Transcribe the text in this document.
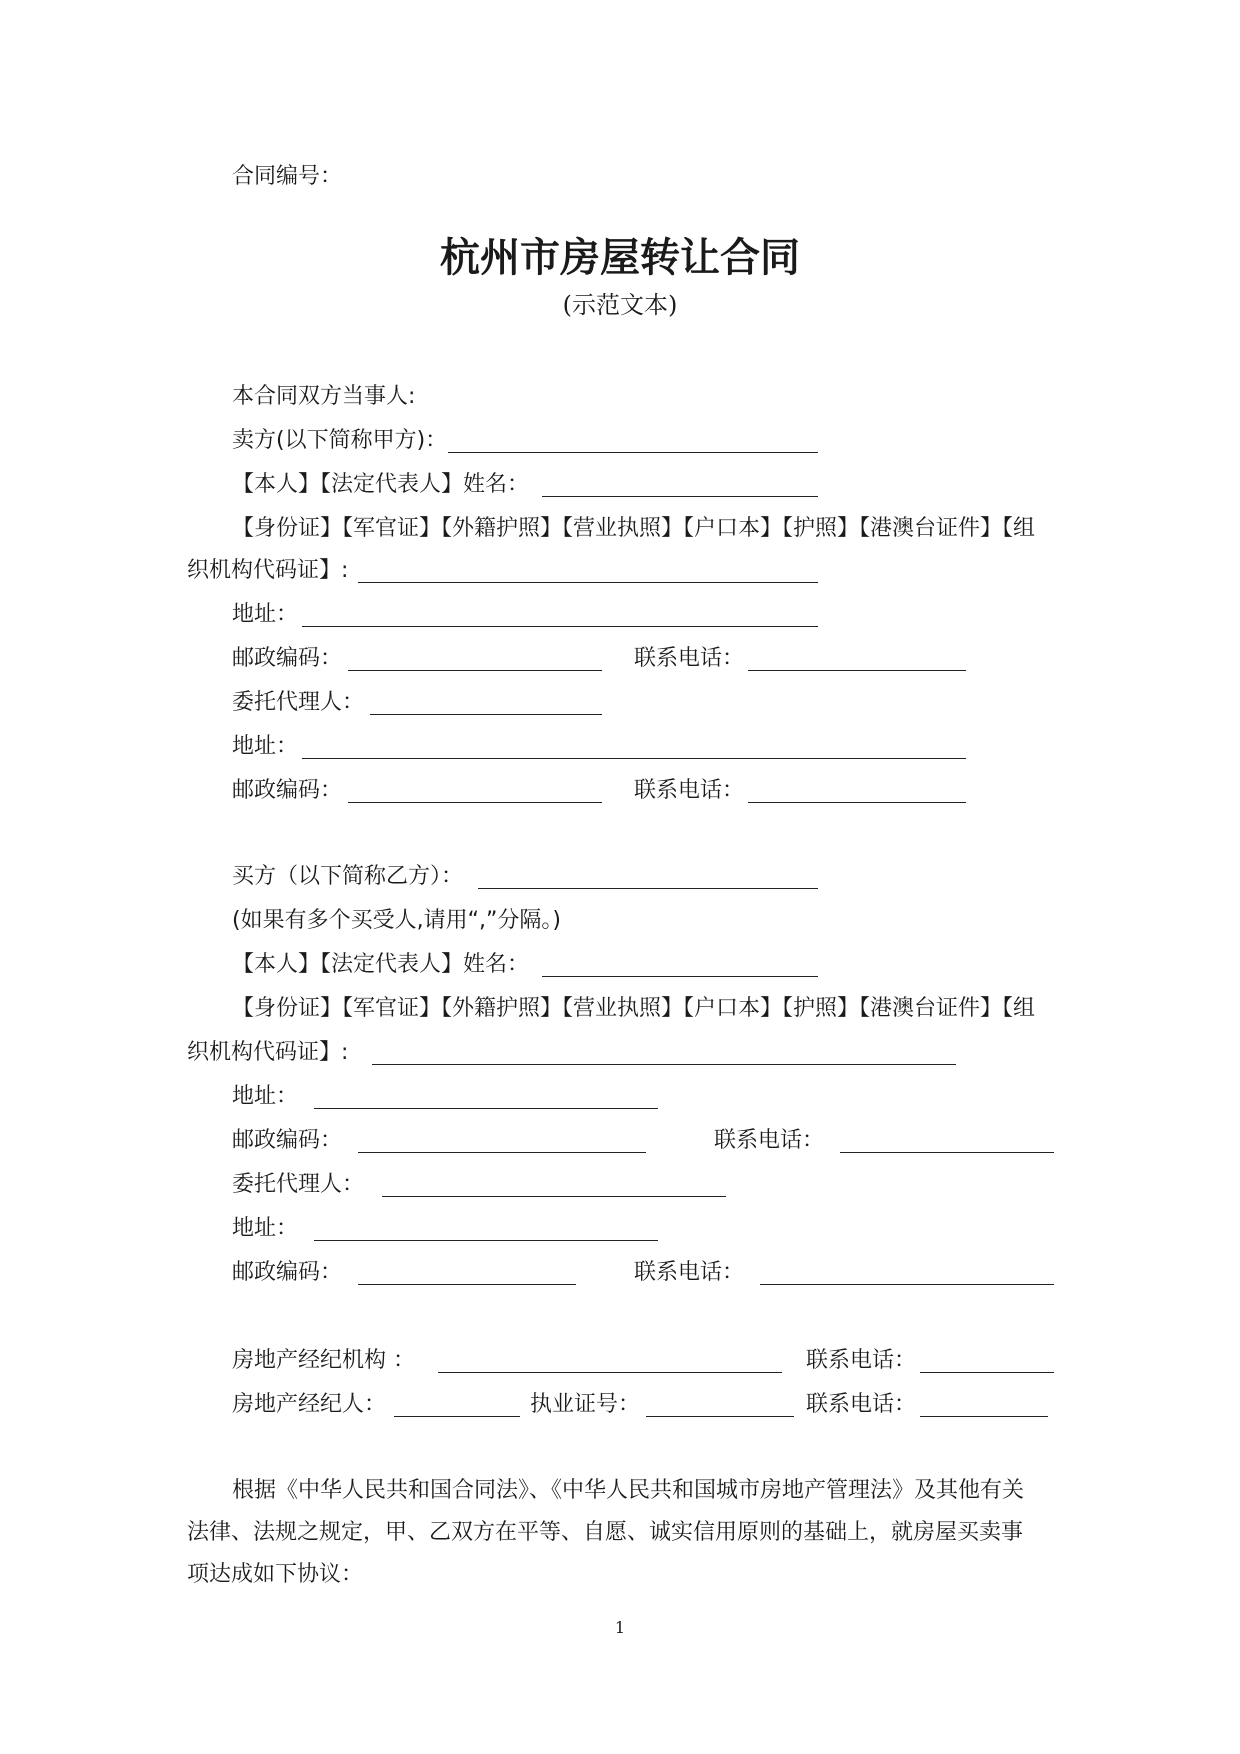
合同编号：
杭州市房屋转让合同
(示范文本)
本合同双方当事人:
卖方(以下简称甲方)：
【本人】【法定代表人】姓名：
【身份证】【军官证】【外籍护照】【营业执照】【户口本】【护照】【港澳台证件】【组
织机构代码证】:
地址：
邮政编码：	联系电话：
委托代理人：
地址：
邮政编码：	联系电话：
买方（以下简称乙方）：
(如果有多个买受人,请用“,”分隔。)
【本人】【法定代表人】姓名：
【身份证】【军官证】【外籍护照】【营业执照】【户口本】【护照】【港澳台证件】【组
织机构代码证】:
地址：
邮政编码：	联系电话：
委托代理人：
地址：
邮政编码：	联系电话：
房地产经纪机构 ：	联系电话：
房地产经纪人：	执业证号：	联系电话：
根据《中华人民共和国合同法》、《中华人民共和国城市房地产管理法》及其他有关
法律、法规之规定，甲、乙双方在平等、自愿、诚实信用原则的基础上，就房屋买卖事
项达成如下协议：
1
